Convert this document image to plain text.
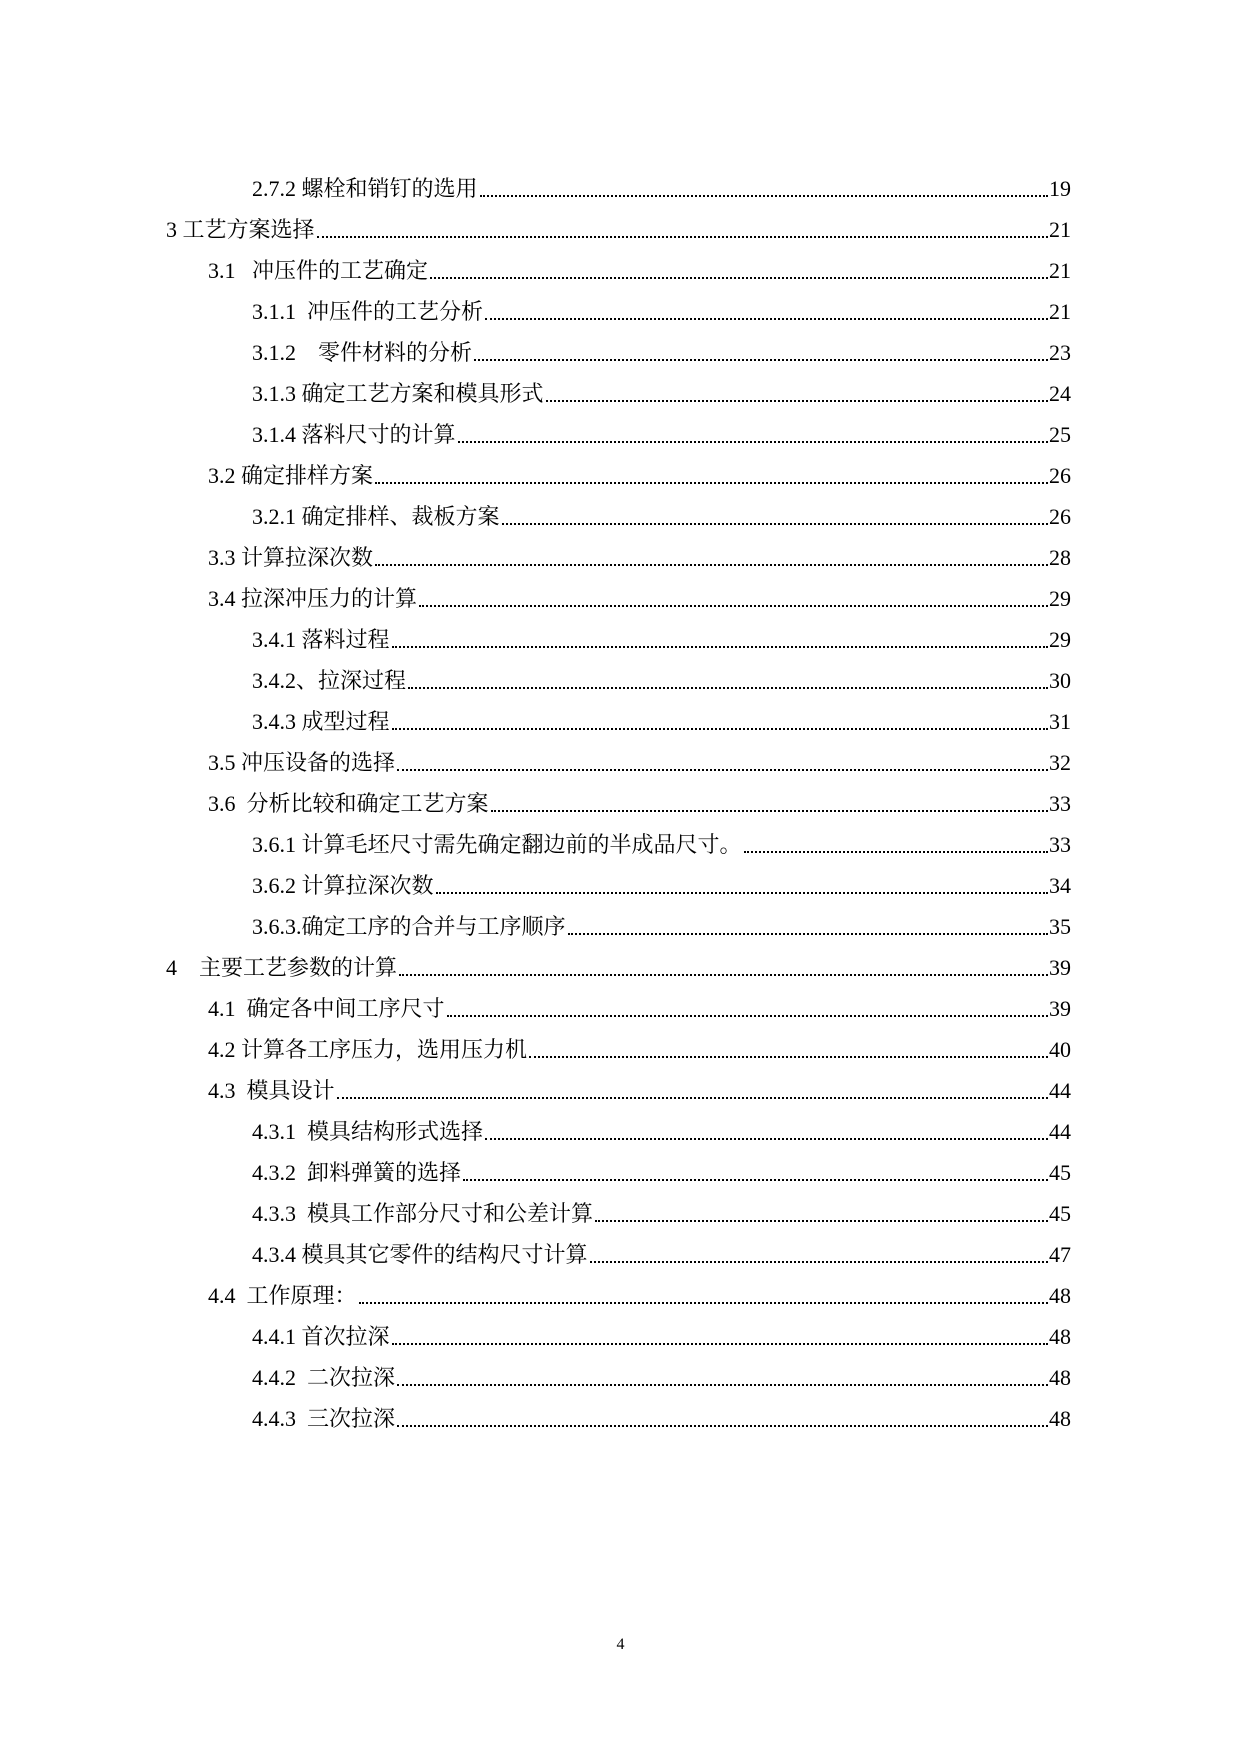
2.7.2 螺栓和销钉的选用	19
3 工艺方案选择	21
3.1   冲压件的工艺确定	21
3.1.1  冲压件的工艺分析	21
3.1.2    零件材料的分析	23
3.1.3 确定工艺方案和模具形式	24
3.1.4 落料尺寸的计算	25
3.2 确定排样方案	26
3.2.1 确定排样、裁板方案	26
3.3 计算拉深次数	28
3.4 拉深冲压力的计算	29
3.4.1 落料过程	29
3.4.2、拉深过程	30
3.4.3 成型过程	31
3.5 冲压设备的选择	32
3.6  分析比较和确定工艺方案	33
3.6.1 计算毛坯尺寸需先确定翻边前的半成品尺寸。	33
3.6.2 计算拉深次数	34
3.6.3.确定工序的合并与工序顺序	35
4    主要工艺参数的计算	39
4.1  确定各中间工序尺寸	39
4.2 计算各工序压力，选用压力机	40
4.3  模具设计	44
4.3.1  模具结构形式选择	44
4.3.2  卸料弹簧的选择	45
4.3.3  模具工作部分尺寸和公差计算	45
4.3.4 模具其它零件的结构尺寸计算	47
4.4  工作原理：	48
4.4.1 首次拉深	48
4.4.2  二次拉深	48
4.4.3  三次拉深	48
4
